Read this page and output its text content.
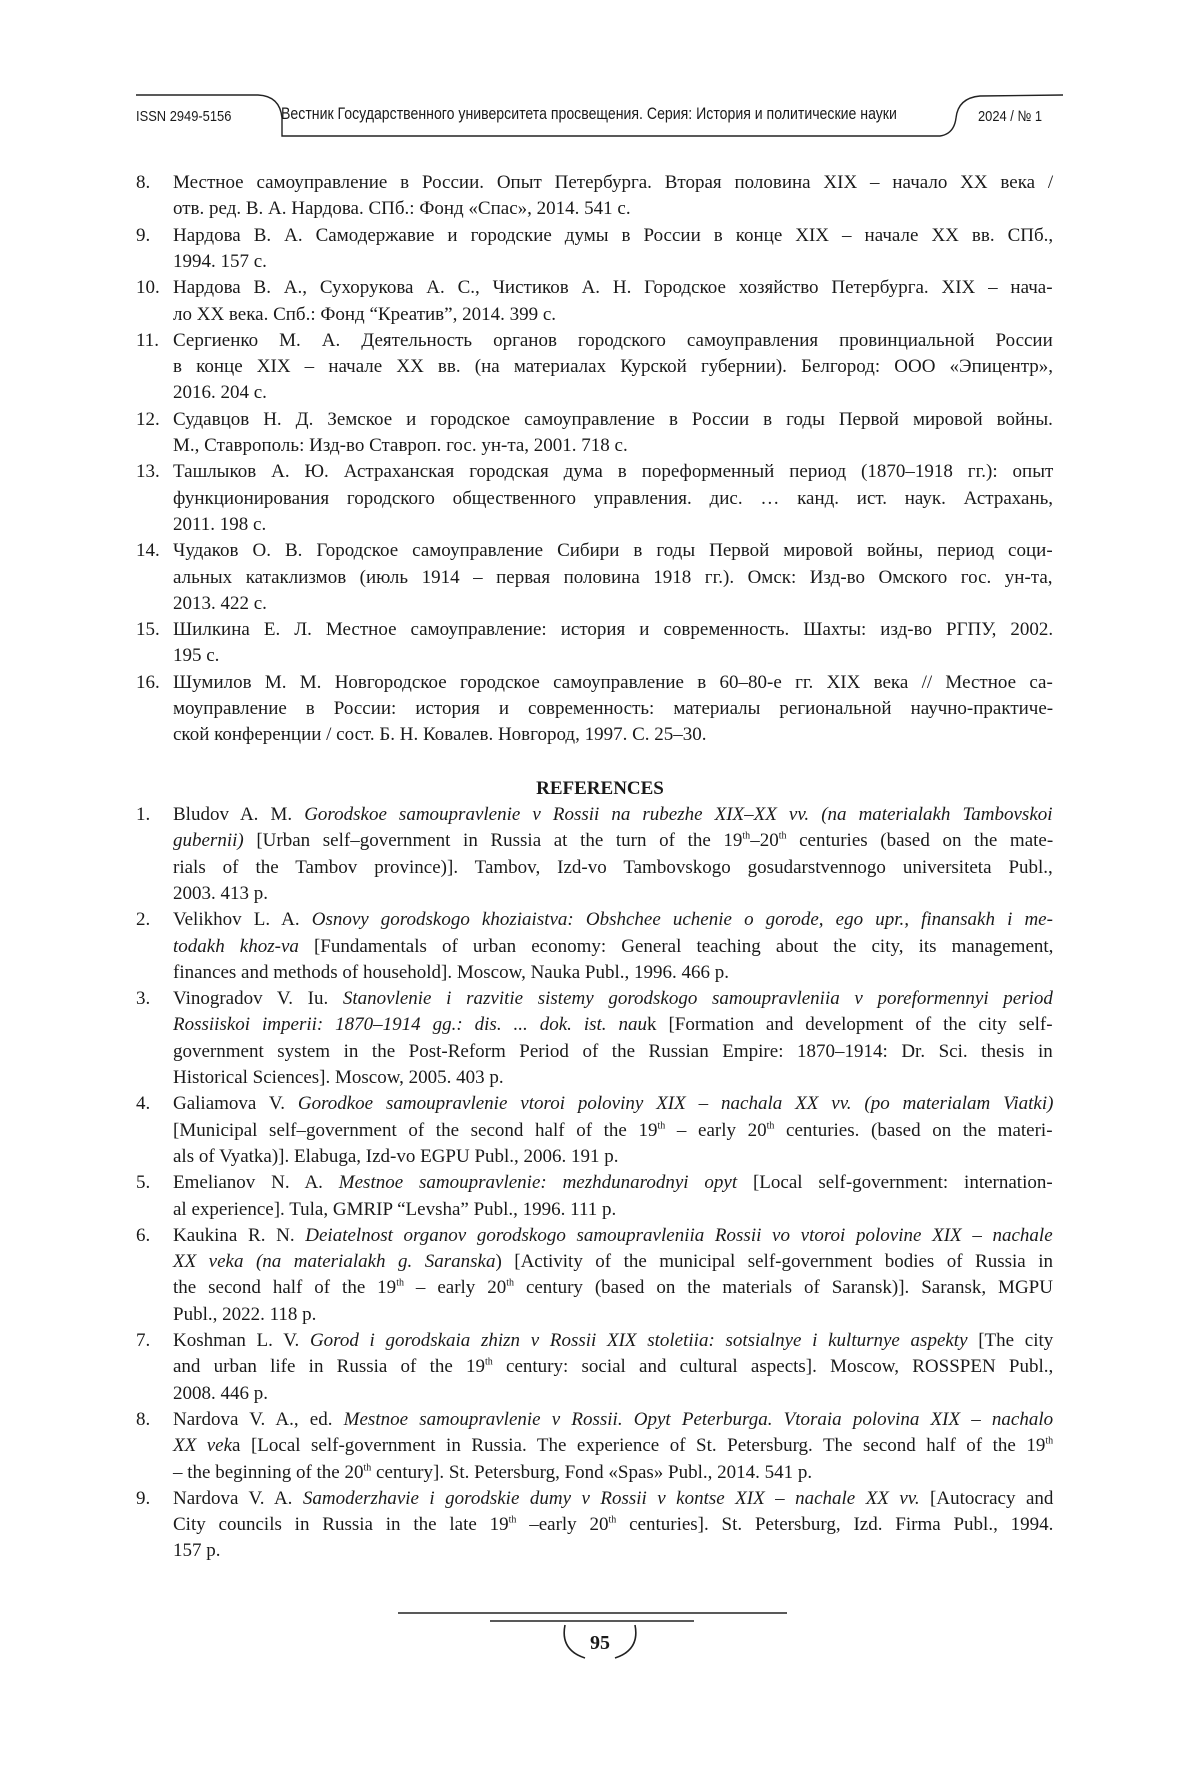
ISSN 2949-5156	Вестник Государственного университета просвещения. Серия: История и политические науки	2024 / № 1
8. Местное самоуправление в России. Опыт Петербурга. Вторая половина XIX – начало XX века /
отв. ред. В. А. Нардова. СПб.: Фонд «Спас», 2014. 541 с.
9. Нардова В. А. Самодержавие и городские думы в России в конце XIX – начале XX вв. СПб.,
1994. 157 с.
10. Нардова В. А., Сухорукова А. С., Чистиков А. Н. Городское хозяйство Петербурга. XIX – нача-
ло XX века. Спб.: Фонд “Креатив”, 2014. 399 с.
11. Сергиенко М. А. Деятельность органов городского самоуправления провинциальной России
в конце XIX – начале XX вв. (на материалах Курской губернии). Белгород: ООО «Эпицентр»,
2016. 204 с.
12. Судавцов Н. Д. Земское и городское самоуправление в России в годы Первой мировой войны.
М., Ставрополь: Изд-во Ставроп. гос. ун-та, 2001. 718 с.
13. Ташлыков А. Ю. Астраханская городская дума в пореформенный период (1870–1918 гг.): опыт
функционирования городского общественного управления. дис. … канд. ист. наук. Астрахань,
2011. 198 с.
14. Чудаков О. В. Городское самоуправление Сибири в годы Первой мировой войны, период соци-
альных катаклизмов (июль 1914 – первая половина 1918 гг.). Омск: Изд-во Омского гос. ун-та,
2013. 422 с.
15. Шилкина Е. Л. Местное самоуправление: история и современность. Шахты: изд-во РГПУ, 2002.
195 с.
16. Шумилов М. М. Новгородское городское самоуправление в 60–80-е гг. XIX века // Местное са-
моуправление в России: история и современность: материалы региональной научно-практиче-
ской конференции / сост. Б. Н. Ковалев. Новгород, 1997. С. 25–30.
REFERENCES
1. Bludov A. M. Gorodskoe samoupravlenie v Rossii na rubezhe XIX–XX vv. (na materialakh Tambovskoi
gubernii) [Urban self–government in Russia at the turn of the 19th–20th centuries (based on the mate-
rials of the Tambov province)]. Tambov, Izd-vo Tambovskogo gosudarstvennogo universiteta Publ.,
2003. 413 p.
2. Velikhov L. A. Osnovy gorodskogo khoziaistva: Obshchee uchenie o gorode, ego upr., finansakh i me-
todakh khoz-va [Fundamentals of urban economy: General teaching about the city, its management,
finances and methods of household]. Moscow, Nauka Publ., 1996. 466 p.
3. Vinogradov V. Iu. Stanovlenie i razvitie sistemy gorodskogo samoupravleniia v poreformennyi period
Rossiiskoi imperii: 1870–1914 gg.: dis. ... dok. ist. nauk [Formation and development of the city self-
government system in the Post-Reform Period of the Russian Empire: 1870–1914: Dr. Sci. thesis in
Historical Sciences]. Moscow, 2005. 403 p.
4. Galiamova V. Gorodkoe samoupravlenie vtoroi poloviny XIX – nachala XX vv. (po materialam Viatki)
[Municipal self–government of the second half of the 19th – early 20th centuries. (based on the materi-
als of Vyatka)]. Elabuga, Izd-vo EGPU Publ., 2006. 191 p.
5. Emelianov N. A. Mestnoe samoupravlenie: mezhdunarodnyi opyt [Local self-government: internation-
al experience]. Tula, GMRIP “Levsha” Publ., 1996. 111 p.
6. Kaukina R. N. Deiatelnost organov gorodskogo samoupravleniia Rossii vo vtoroi polovine XIX – nachale
XX veka (na materialakh g. Saranska) [Activity of the municipal self-government bodies of Russia in
the second half of the 19th – early 20th century (based on the materials of Saransk)]. Saransk, MGPU
Publ., 2022. 118 p.
7. Koshman L. V. Gorod i gorodskaia zhizn v Rossii XIX stoletiia: sotsialnye i kulturnye aspekty [The city
and urban life in Russia of the 19th century: social and cultural aspects]. Moscow, ROSSPEN Publ.,
2008. 446 p.
8. Nardova V. A., ed. Mestnoe samoupravlenie v Rossii. Opyt Peterburga. Vtoraia polovina XIX – nachalo
XX veka [Local self-government in Russia. The experience of St. Petersburg. The second half of the 19th
– the beginning of the 20th century]. St. Petersburg, Fond «Spas» Publ., 2014. 541 p.
9. Nardova V. A. Samoderzhavie i gorodskie dumy v Rossii v kontse XIX – nachale XX vv. [Autocracy and
City councils in Russia in the late 19th –early 20th centuries]. St. Petersburg, Izd. Firma Publ., 1994.
157 p.
95
